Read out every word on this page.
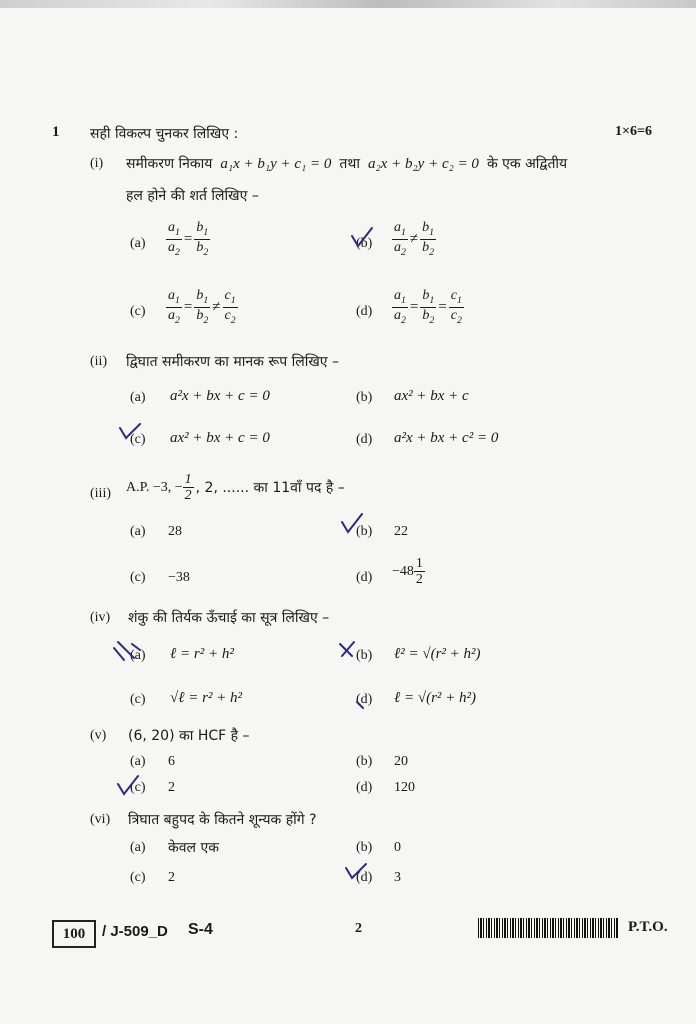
1 सही विकल्प चुनकर लिखिए :	1×6=6
(i) समीकरण निकाय a₁x + b₁y + c₁ = 0 तथा a₂x + b₂y + c₂ = 0 के एक अद्वितीय
हल होने की शर्त लिखिए –
$(a) \frac{a_1}{a_2} = \frac{b_1}{b_2}$	$(b) \frac{a_1}{a_2} \ne \frac{b_1}{b_2}$
$(c) \frac{a_1}{a_2} = \frac{b_1}{b_2} \ne \frac{c_1}{c_2}$	$(d) \frac{a_1}{a_2} = \frac{b_1}{b_2} = \frac{c_1}{c_2}$
(ii) द्विघात समीकरण का मानक रूप लिखिए –
(a) a²x + bx + c = 0	(b) ax² + bx + c
(c) ax² + bx + c = 0	(d) a²x + bx + c² = 0
(iii) A.P. −3, − $\frac{1}{2}$ , 2, ...... का 11वाँ पद है –
(a) 28	(b) 22
(c) −38	$(d) -48 \frac{1}{2}$
(iv) शंकु की तिर्यक ऊँचाई का सूत्र लिखिए –
(a) ℓ = r² + h²	(b) ℓ² = √(r² + h²)
(c) √ℓ = r² + h²	(d) ℓ = √(r² + h²)
(v) (6, 20) का HCF है –
(a) 6	(b) 20
(c) 2	(d) 120
(vi) त्रिघात बहुपद के कितने शून्यक होंगे ?
(a) केवल एक	(b) 0
(c) 2	(d) 3
100	/ J-509_D S-4	2	P.T.O.
